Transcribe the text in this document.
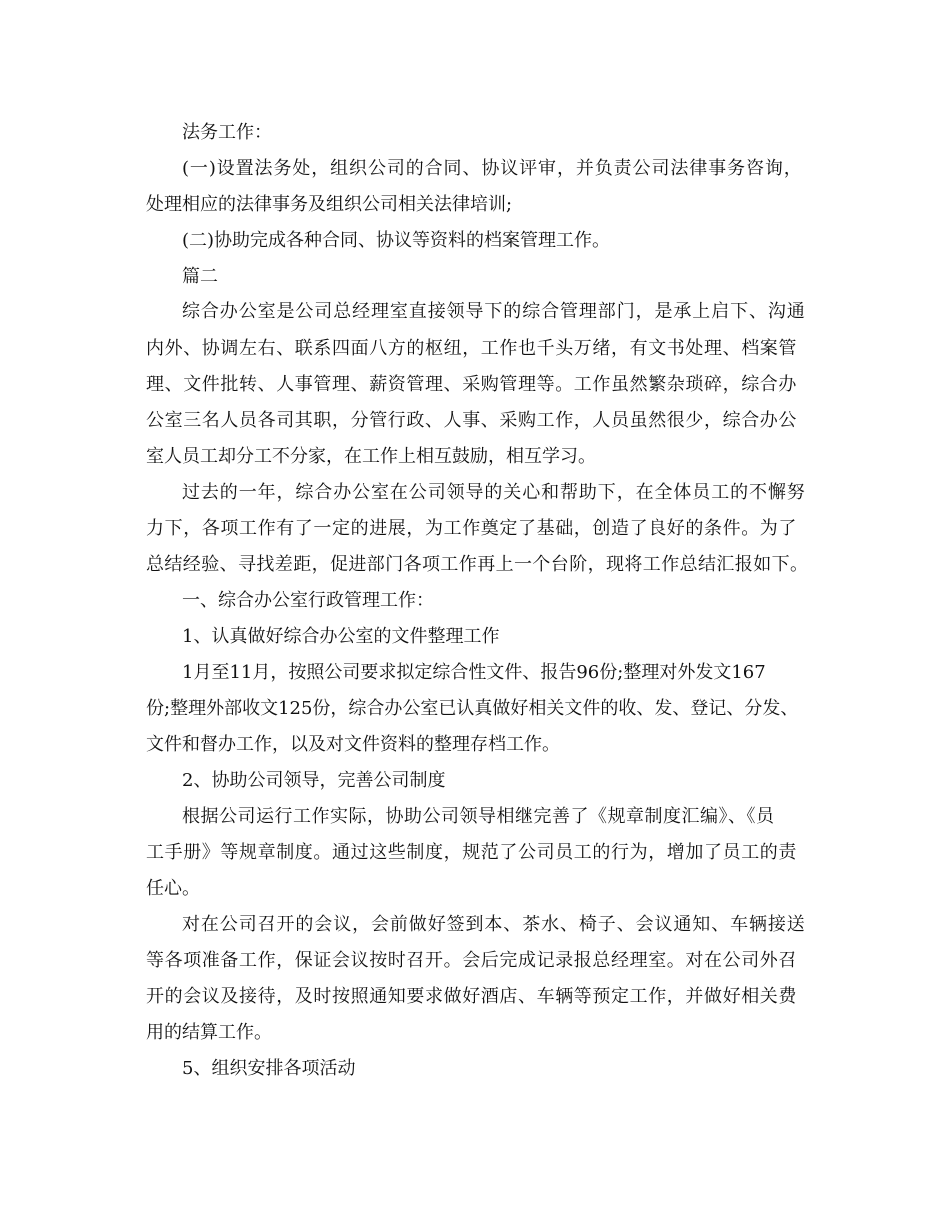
法务工作：
(一)设置法务处，组织公司的合同、协议评审，并负责公司法律事务咨询，
处理相应的法律事务及组织公司相关法律培训;
(二)协助完成各种合同、协议等资料的档案管理工作。
篇二
综合办公室是公司总经理室直接领导下的综合管理部门，是承上启下、沟通
内外、协调左右、联系四面八方的枢纽，工作也千头万绪，有文书处理、档案管
理、文件批转、人事管理、薪资管理、采购管理等。工作虽然繁杂琐碎，综合办
公室三名人员各司其职，分管行政、人事、采购工作，人员虽然很少，综合办公
室人员工却分工不分家，在工作上相互鼓励，相互学习。
过去的一年，综合办公室在公司领导的关心和帮助下，在全体员工的不懈努
力下，各项工作有了一定的进展，为工作奠定了基础，创造了良好的条件。为了
总结经验、寻找差距，促进部门各项工作再上一个台阶，现将工作总结汇报如下。
一、综合办公室行政管理工作：
1、认真做好综合办公室的文件整理工作
1月至11月，按照公司要求拟定综合性文件、报告96份;整理对外发文167
份;整理外部收文125份，综合办公室已认真做好相关文件的收、发、登记、分发、
文件和督办工作，以及对文件资料的整理存档工作。
2、协助公司领导，完善公司制度
根据公司运行工作实际，协助公司领导相继完善了《规章制度汇编》、《员
工手册》等规章制度。通过这些制度，规范了公司员工的行为，增加了员工的责
任心。
对在公司召开的会议，会前做好签到本、茶水、椅子、会议通知、车辆接送
等各项准备工作，保证会议按时召开。会后完成记录报总经理室。对在公司外召
开的会议及接待，及时按照通知要求做好酒店、车辆等预定工作，并做好相关费
用的结算工作。
5、组织安排各项活动
